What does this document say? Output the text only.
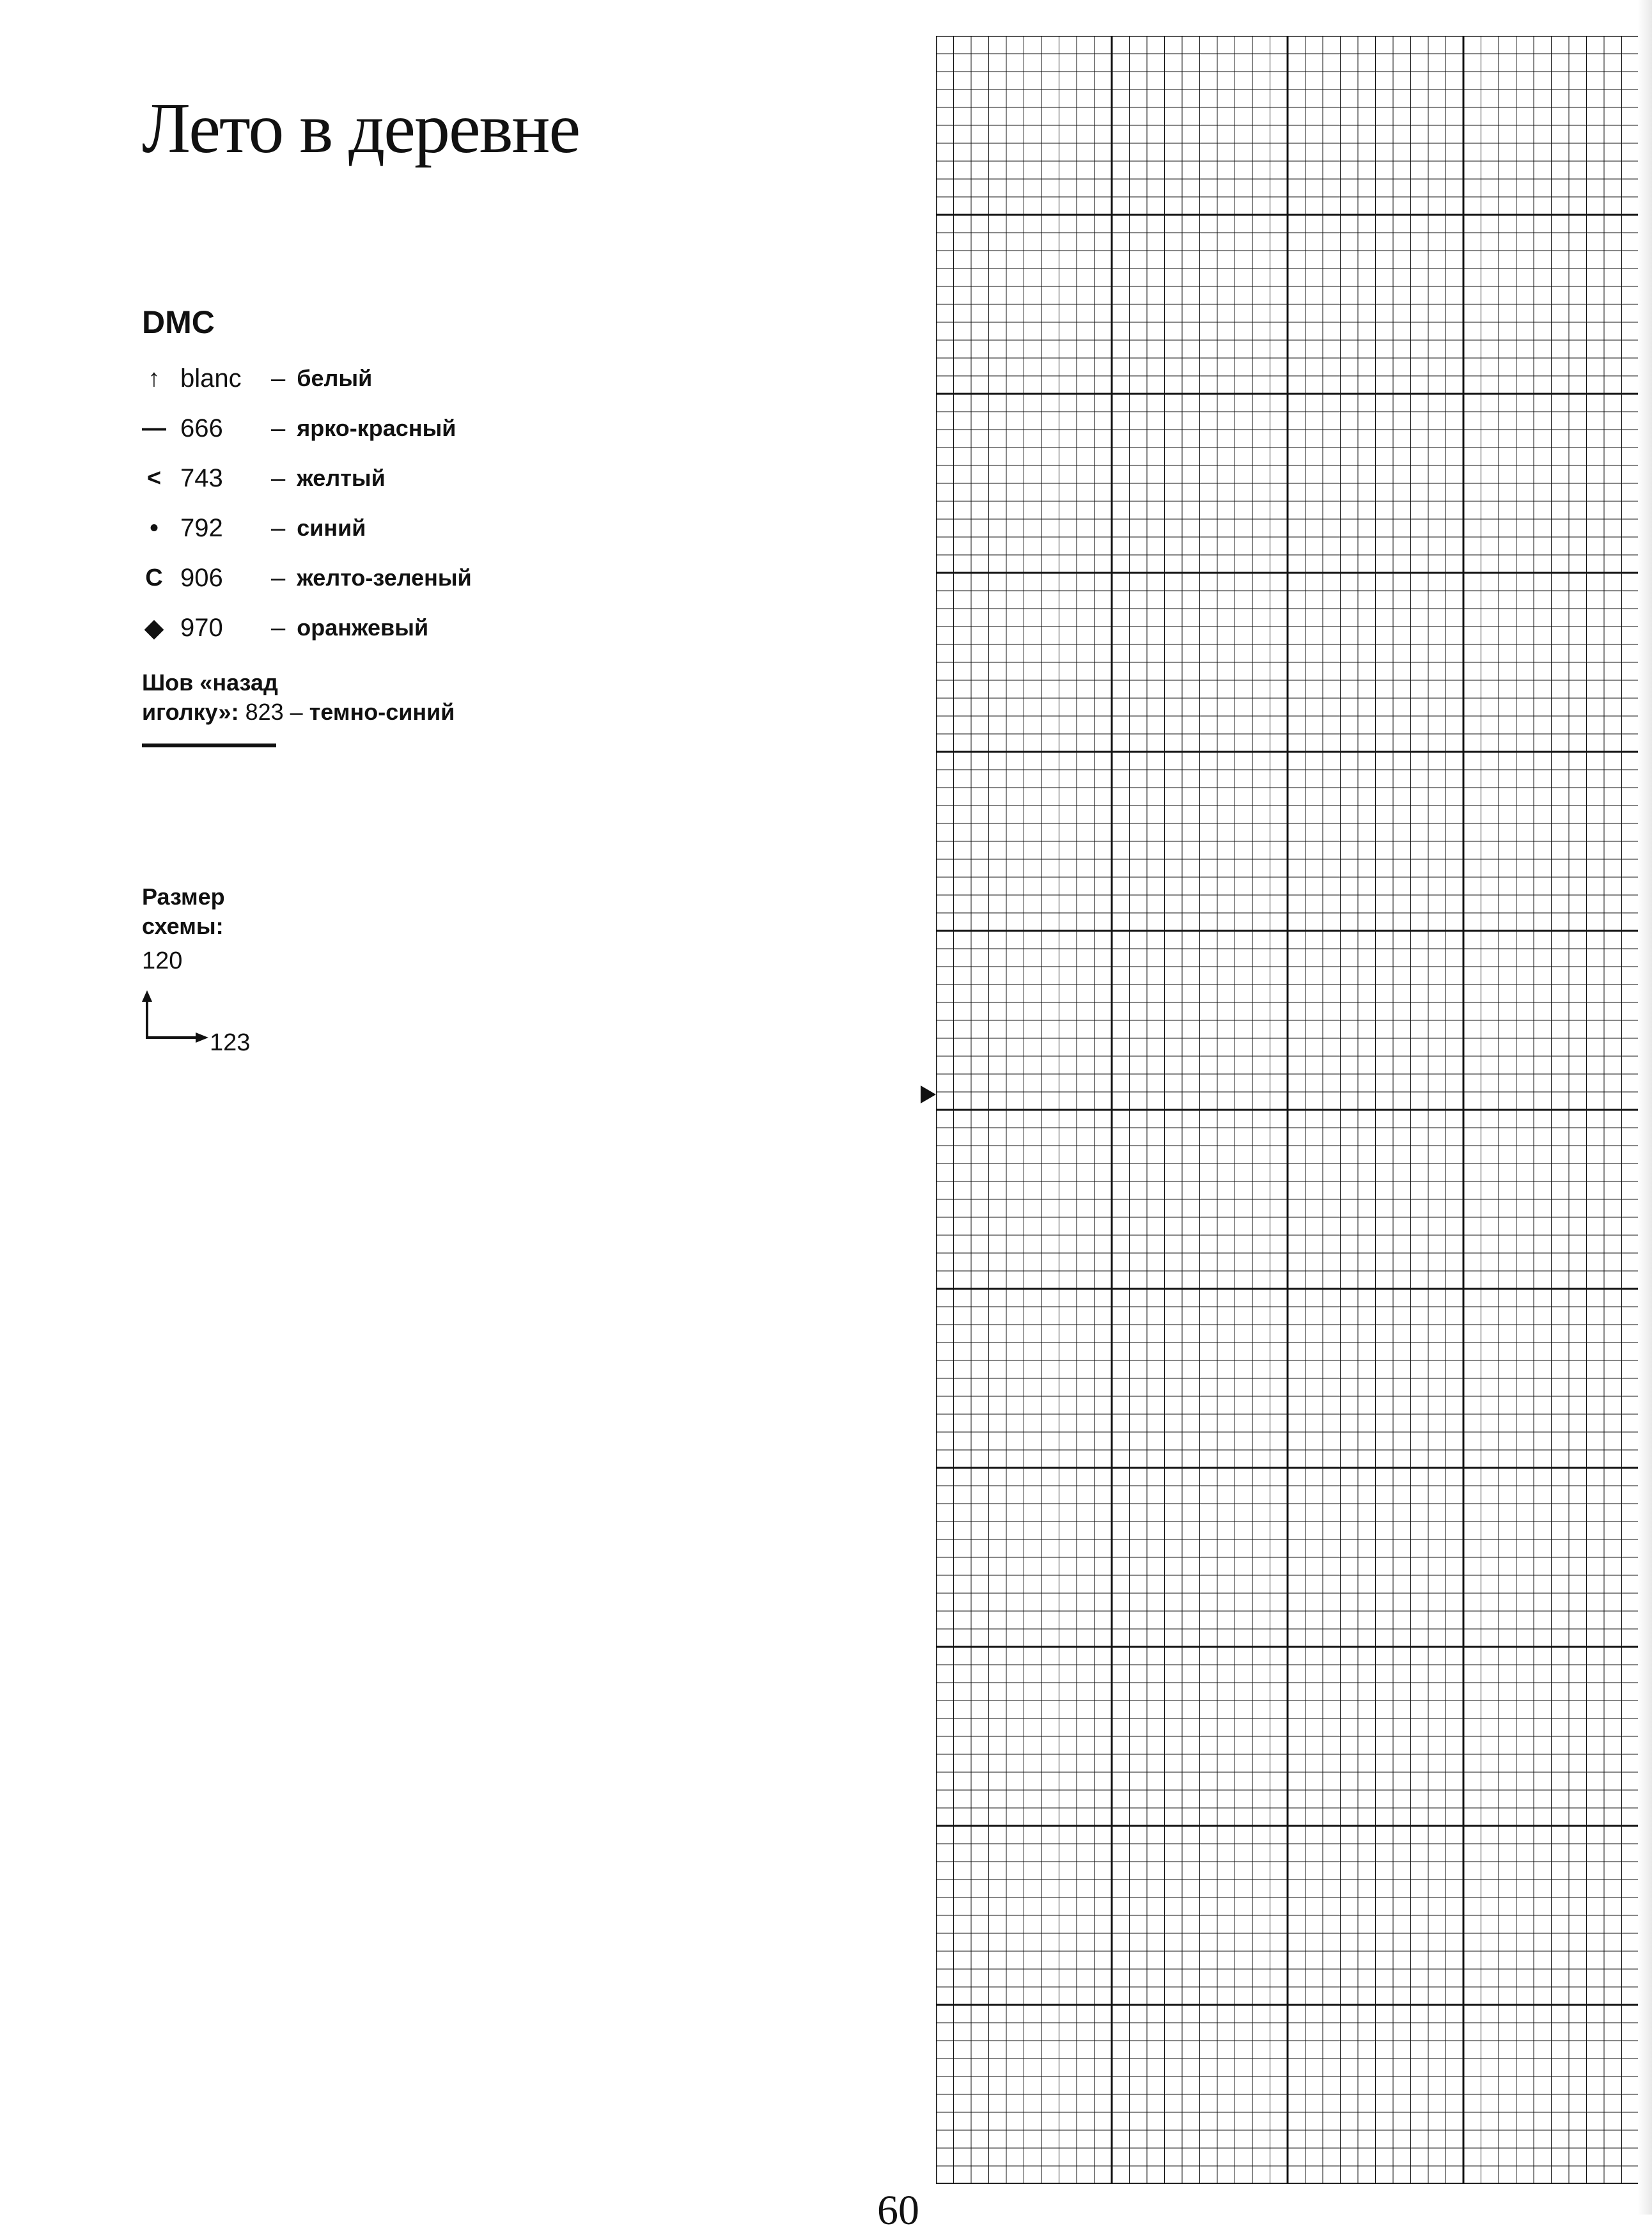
Лето в деревне
DMC
↑ blanc	– белый
— 666	– ярко-красный
< 743	– желтый
• 792	– синий
C 906	– желто-зеленый
◆ 970	– оранжевый
Шов «назад
иголку»: 823 – темно-синий
Размер
схемы:
120
123
60
